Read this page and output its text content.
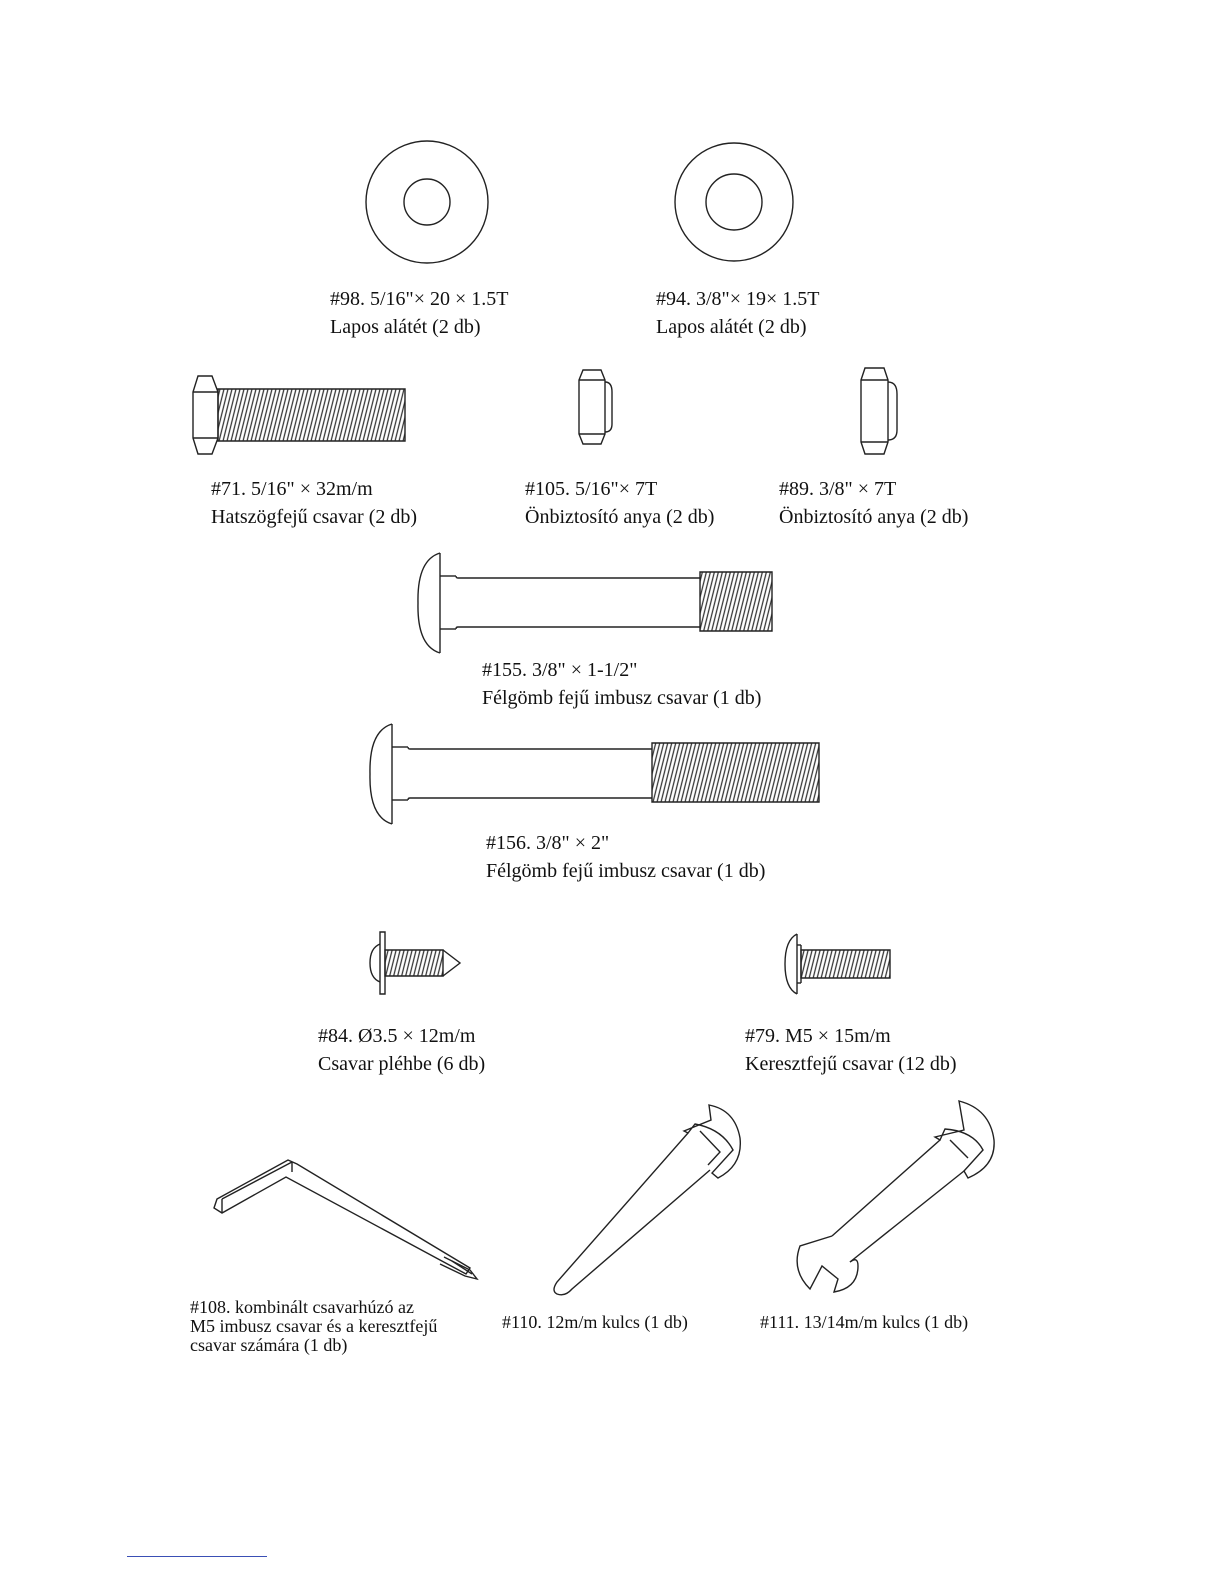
#98. 5/16"× 20 × 1.5T
Lapos alátét (2 db)
#94. 3/8"× 19× 1.5T
Lapos alátét (2 db)
#71. 5/16" × 32m/m
Hatszögfejű csavar (2 db)
#105. 5/16"× 7T
Önbiztosító anya (2 db)
#89. 3/8" × 7T
Önbiztosító anya (2 db)
#155. 3/8" × 1-1/2"
Félgömb fejű imbusz csavar (1 db)
#156. 3/8" × 2"
Félgömb fejű imbusz csavar (1 db)
#84. Ø3.5 × 12m/m
Csavar pléhbe (6 db)
#79. M5 × 15m/m
Keresztfejű csavar (12 db)
#108. kombinált csavarhúzó az
M5 imbusz csavar és a keresztfejű
csavar számára (1 db)
#110. 12m/m kulcs (1 db)	#111. 13/14m/m kulcs (1 db)
